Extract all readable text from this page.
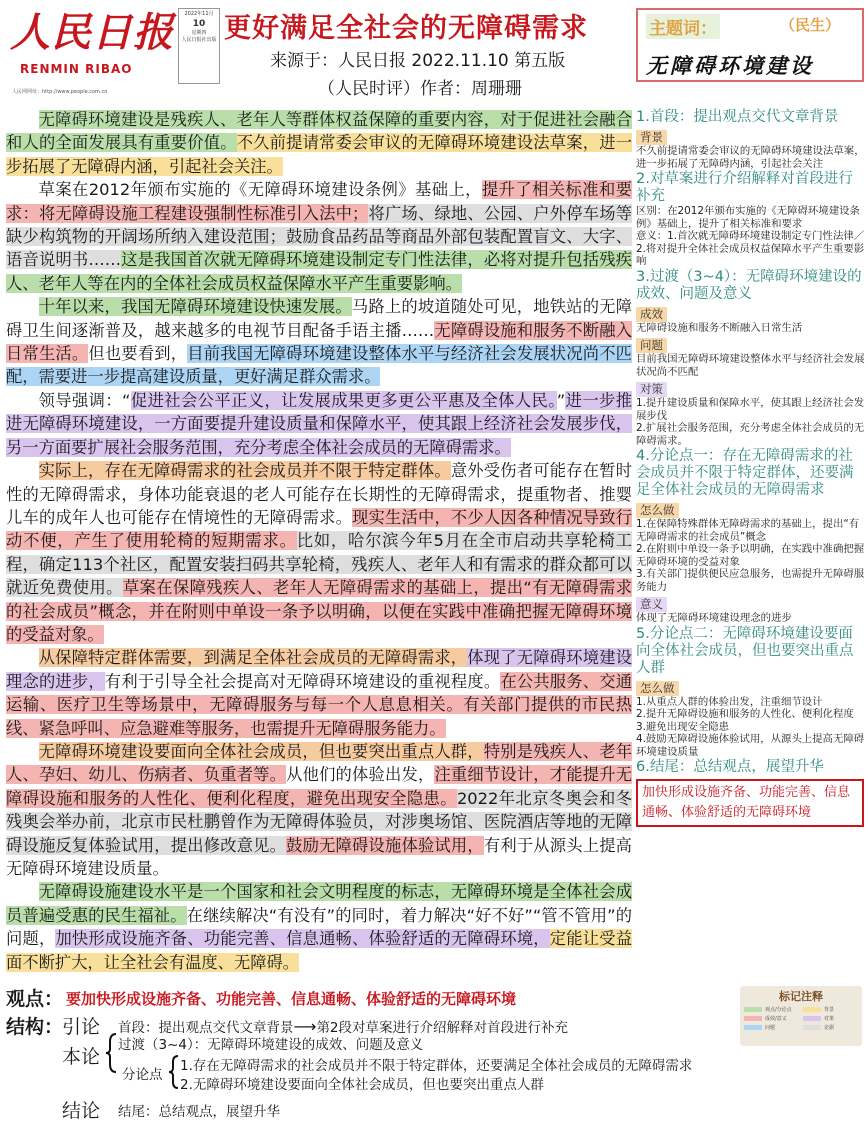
人民日报
RENMIN RIBAO
人民网网址：http://www.people.com.cn
2022年11月
10
星期四
人民日报社出版 更好满足全社会的无障碍需求
来源于：人民日报 2022.11.10 第五版
（人民时评）作者：周珊珊
主题词：	（民生）
无障碍环境建设

无障碍环境建设是残疾人、老年人等群体权益保障的重要内容，对于促进社会融合和人的全面发展具有重要价值。不久前提请常委会审议的无障碍环境建设法草案，进一步拓展了无障碍内涵，引起社会关注。

草案在2012年颁布实施的《无障碍环境建设条例》基础上，提升了相关标准和要求：将无障碍设施工程建设强制性标准引入法中；将广场、绿地、公园、户外停车场等缺少构筑物的开阔场所纳入建设范围；鼓励食品药品等商品外部包装配置盲文、大字、语音说明书……这是我国首次就无障碍环境建设制定专门性法律，必将对提升包括残疾人、老年人等在内的全体社会成员权益保障水平产生重要影响。

十年以来，我国无障碍环境建设快速发展。马路上的坡道随处可见，地铁站的无障碍卫生间逐渐普及，越来越多的电视节目配备手语主播……无障碍设施和服务不断融入日常生活。但也要看到，目前我国无障碍环境建设整体水平与经济社会发展状况尚不匹配，需要进一步提高建设质量，更好满足群众需求。

领导强调：“促进社会公平正义，让发展成果更多更公平惠及全体人民。”进一步推进无障碍环境建设，一方面要提升建设质量和保障水平，使其跟上经济社会发展步伐，另一方面要扩展社会服务范围，充分考虑全体社会成员的无障碍需求。

实际上，存在无障碍需求的社会成员并不限于特定群体。意外受伤者可能存在暂时性的无障碍需求，身体功能衰退的老人可能存在长期性的无障碍需求，提重物者、推婴儿车的成年人也可能存在情境性的无障碍需求。现实生活中，不少人因各种情况导致行动不便，产生了使用轮椅的短期需求。比如，哈尔滨今年5月在全市启动共享轮椅工程，确定113个社区，配置安装扫码共享轮椅，残疾人、老年人和有需求的群众都可以就近免费使用。草案在保障残疾人、老年人无障碍需求的基础上，提出“有无障碍需求的社会成员”概念，并在附则中单设一条予以明确，以便在实践中准确把握无障碍环境的受益对象。

从保障特定群体需要，到满足全体社会成员的无障碍需求，体现了无障碍环境建设理念的进步，有利于引导全社会提高对无障碍环境建设的重视程度。在公共服务、交通运输、医疗卫生等场景中，无障碍服务与每一个人息息相关。有关部门提供的市民热线、紧急呼叫、应急避难等服务，也需提升无障碍服务能力。

无障碍环境建设要面向全体社会成员，但也要突出重点人群，特别是残疾人、老年人、孕妇、幼儿、伤病者、负重者等。从他们的体验出发，注重细节设计，才能提升无障碍设施和服务的人性化、便利化程度，避免出现安全隐患。2022年北京冬奥会和冬残奥会举办前，北京市民杜鹏曾作为无障碍体验员，对涉奥场馆、医院酒店等地的无障碍设施反复体验试用，提出修改意见。鼓励无障碍设施体验试用，有利于从源头上提高无障碍环境建设质量。

无障碍设施建设水平是一个国家和社会文明程度的标志，无障碍环境是全体社会成员普遍受惠的民生福祉。在继续解决“有没有”的同时，着力解决“好不好”“管不管用”的问题，加快形成设施齐备、功能完善、信息通畅、体验舒适的无障碍环境，定能让受益面不断扩大，让全社会有温度、无障碍。

1.首段：提出观点交代文章背景
背景
不久前提请常委会审议的无障碍环境建设法草案，进一步拓展了无障碍内涵，引起社会关注
2.对草案进行介绍解释对首段进行补充
区别：在2012年颁布实施的《无障碍环境建设条例》基础上，提升了相关标准和要求
意义：1.首次就无障碍环境建设制定专门性法律／2.将对提升全体社会成员权益保障水平产生重要影响
3.过渡（3~4）：无障碍环境建设的成效、问题及意义
成效
无障碍设施和服务不断融入日常生活
问题
目前我国无障碍环境建设整体水平与经济社会发展状况尚不匹配
对策
1.提升建设质量和保障水平，使其跟上经济社会发展步伐
2.扩展社会服务范围，充分考虑全体社会成员的无障碍需求。
4.分论点一：存在无障碍需求的社会成员并不限于特定群体，还要满足全体社会成员的无障碍需求
怎么做
1.在保障特殊群体无障碍需求的基础上，提出“有无障碍需求的社会成员”概念
2.在附则中单设一条予以明确，在实践中准确把握无障碍环境的受益对象
3.有关部门提供便民应急服务，也需提升无障碍服务能力
意义
体现了无障碍环境建设理念的进步
5.分论点二：无障碍环境建设要面向全体社会成员，但也要突出重点人群
怎么做
1.从重点人群的体验出发，注重细节设计
2.提升无障碍设施和服务的人性化、便利化程度
3.避免出现安全隐患
4.鼓励无障碍设施体验试用，从源头上提高无障碍环境建设质量
6.结尾：总结观点，展望升华
加快形成设施齐备、功能完善、信息通畅、体验舒适的无障碍环境
观点： 要加快形成设施齐备、功能完善、信息通畅、体验舒适的无障碍环境
结构：
引论 首段：提出观点交代文章背景⟶第2段对草案进行介绍解释对首段进行补充
本论
过渡（3~4）：无障碍环境建设的成效、问题及意义
分论点
1.存在无障碍需求的社会成员并不限于特定群体，还要满足全体社会成员的无障碍需求
2.无障碍环境建设要面向全体社会成员，但也要突出重点人群
结论 结尾：总结观点，展望升华
标记注释
观点/分论点	背景
成效/意义	对策
问题	论据
